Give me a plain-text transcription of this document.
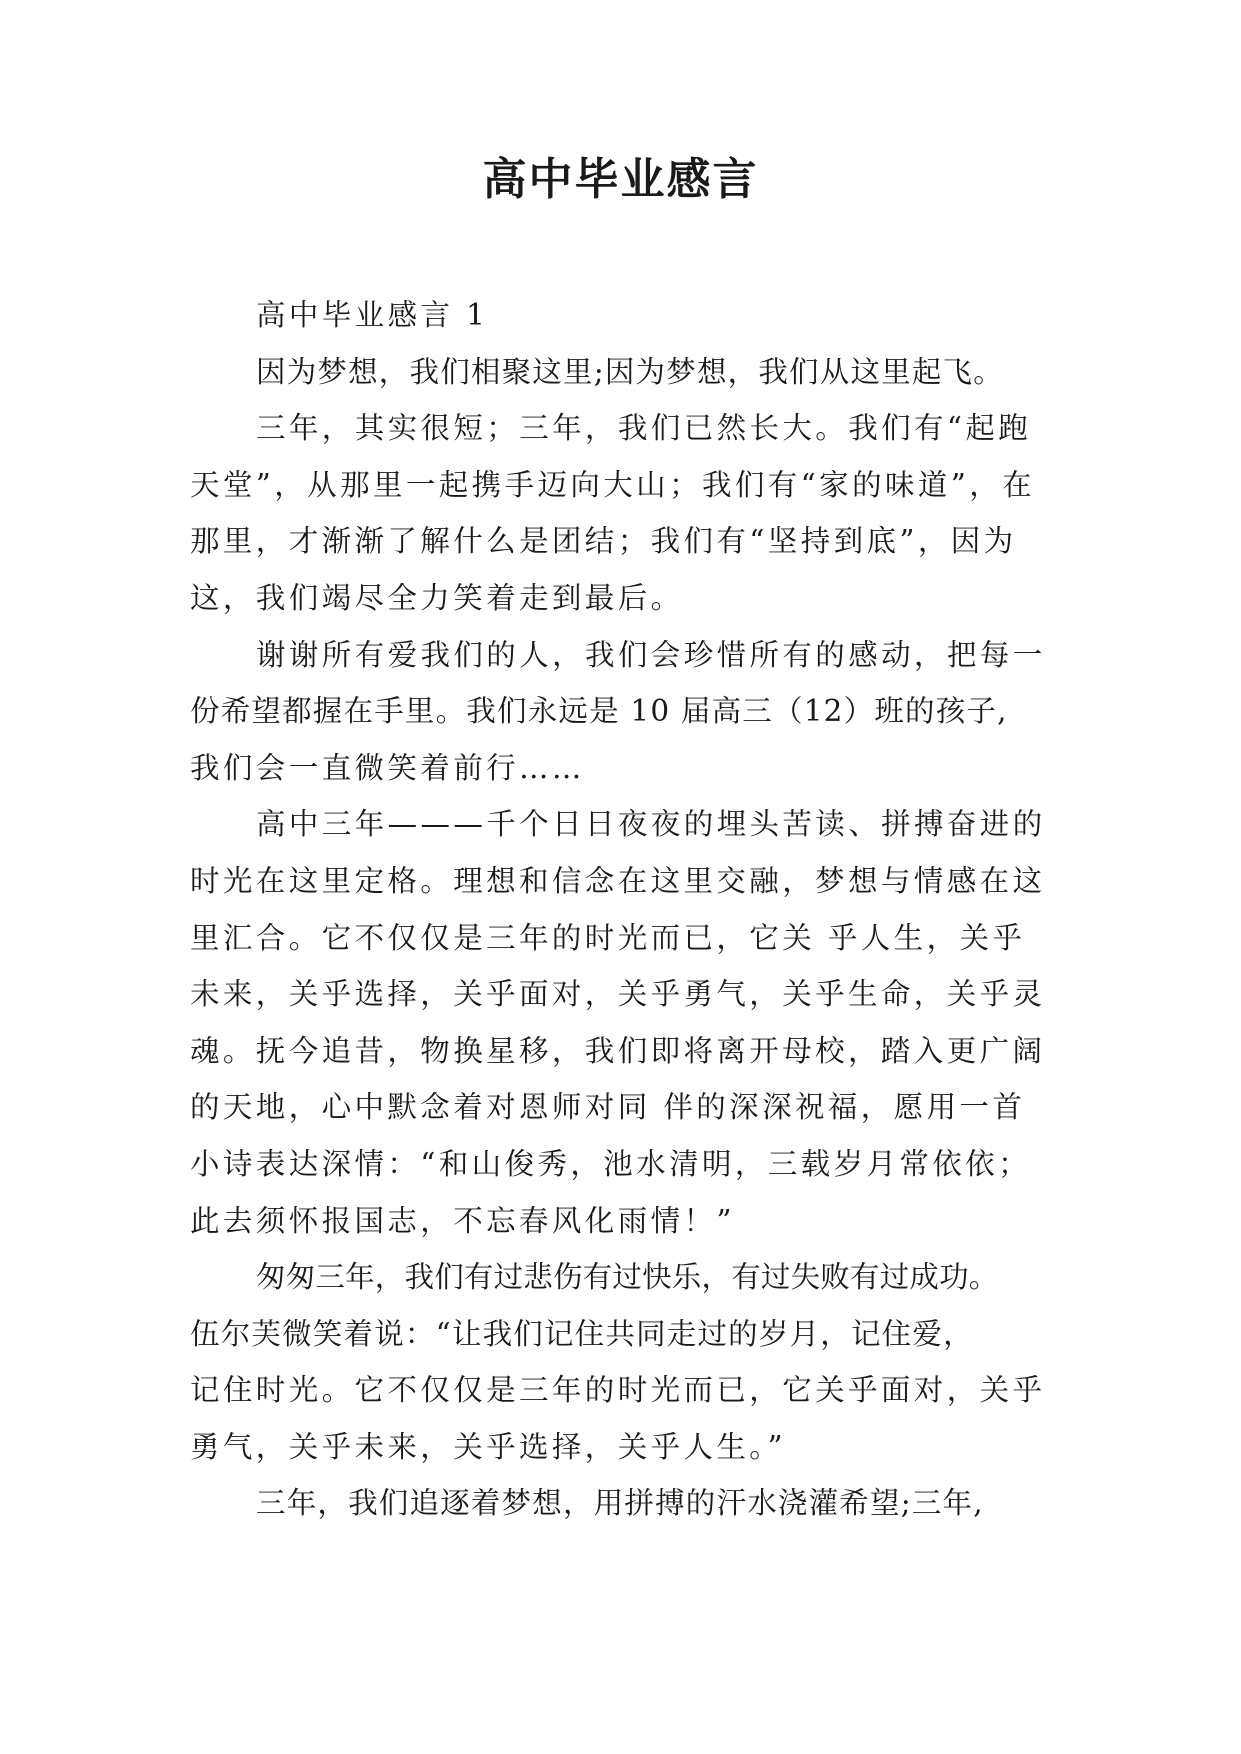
高中毕业感言
高中毕业感言 1
因为梦想，我们相聚这里;因为梦想，我们从这里起飞。
三年，其实很短；三年，我们已然长大。我们有“起跑
天堂”，从那里一起携手迈向大山；我们有“家的味道”，在
那里，才渐渐了解什么是团结；我们有“坚持到底”，因为
这，我们竭尽全力笑着走到最后。
谢谢所有爱我们的人，我们会珍惜所有的感动，把每一
份希望都握在手里。我们永远是 10 届高三（12）班的孩子,
我们会一直微笑着前行……
高中三年———千个日日夜夜的埋头苦读、拼搏奋进的
时光在这里定格。理想和信念在这里交融，梦想与情感在这
里汇合。它不仅仅是三年的时光而已，它关 乎人生，关乎
未来，关乎选择，关乎面对，关乎勇气，关乎生命，关乎灵
魂。抚今追昔，物换星移，我们即将离开母校，踏入更广阔
的天地，心中默念着对恩师对同 伴的深深祝福，愿用一首
小诗表达深情：“和山俊秀，池水清明，三载岁月常依依；
此去须怀报国志，不忘春风化雨情！”
匆匆三年，我们有过悲伤有过快乐，有过失败有过成功。
伍尔芙微笑着说：“让我们记住共同走过的岁月，记住爱，
记住时光。它不仅仅是三年的时光而已，它关乎面对，关乎
勇气，关乎未来，关乎选择，关乎人生。”
三年，我们追逐着梦想，用拼搏的汗水浇灌希望;三年,
